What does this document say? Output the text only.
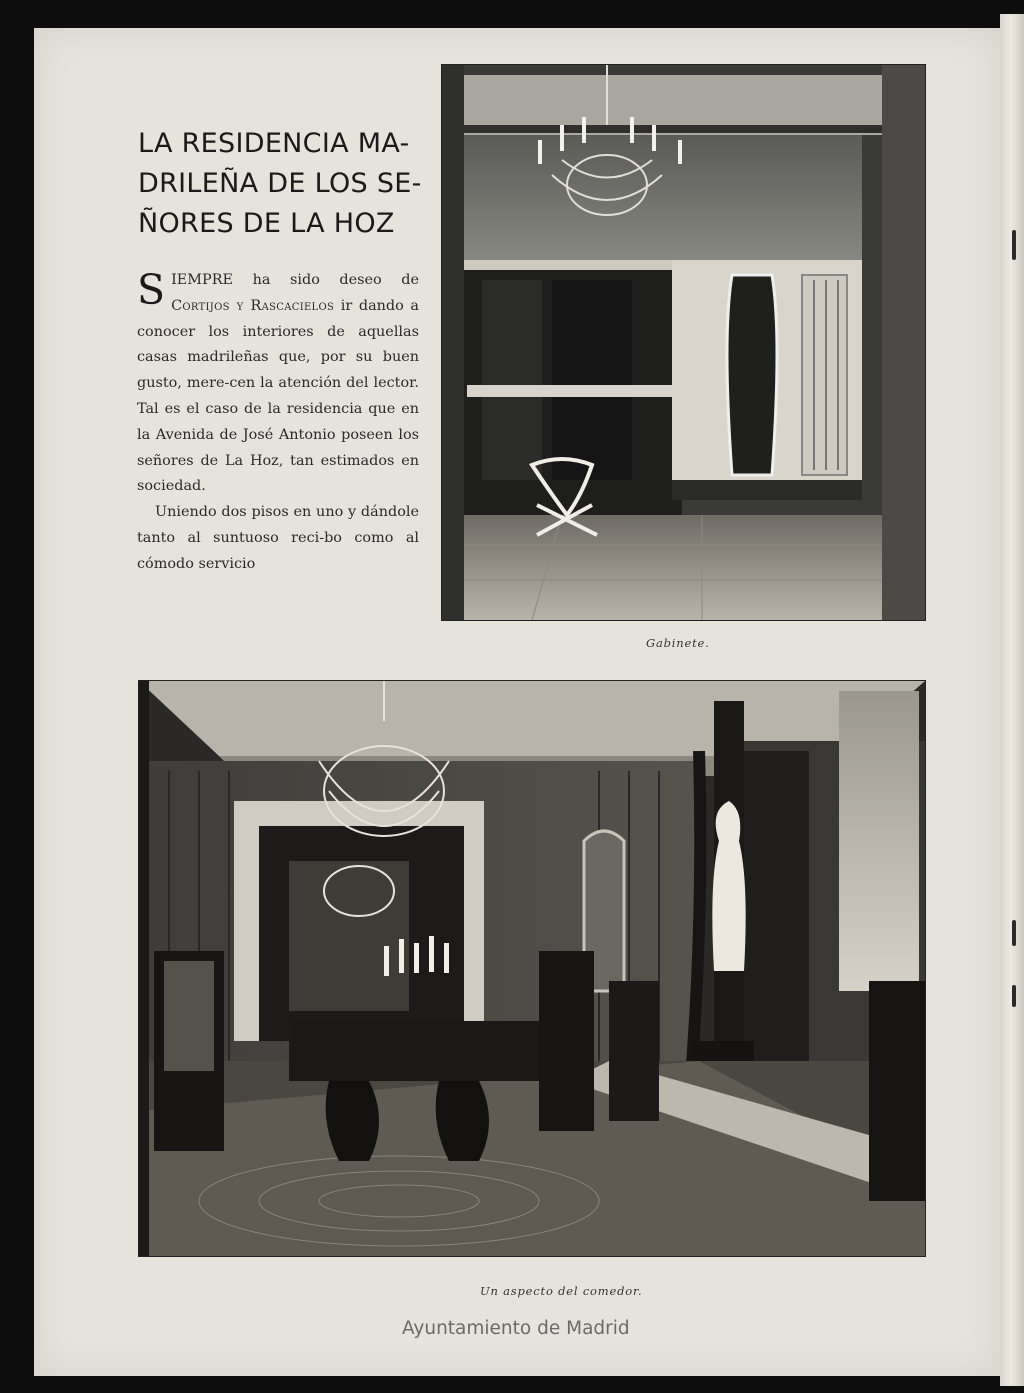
LA RESIDENCIA MA-DRILEÑA DE LOS SE-ÑORES DE LA HOZ

SIEMPRE ha sido deseo de Cortijos y Rascacielos ir dando a conocer los interiores de aquellas casas madrileñas que, por su buen gusto, mere-cen la atención del lector. Tal es el caso de la residencia que en la Avenida de José Antonio poseen los señores de La Hoz, tan estimados en sociedad.

Uniendo dos pisos en uno y dándole tanto al suntuoso reci-bo como al cómodo servicio

Gabinete.
Un aspecto del comedor.
Ayuntamiento de Madrid
